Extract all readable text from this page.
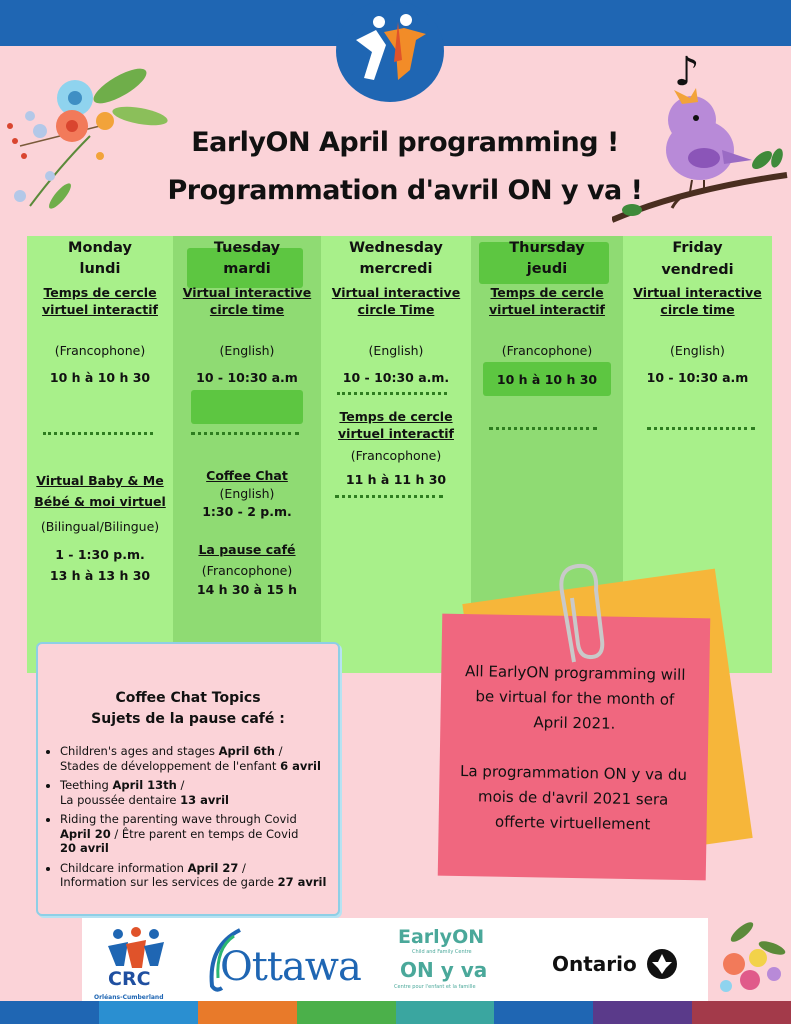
♪
EarlyON April programming !
Programmation d'avril ON y va !
Monday
lundi
Temps de cercle
virtuel interactif
(Francophone)
10 h à 10 h 30
Virtual Baby & Me
Bébé & moi virtuel
(Bilingual/Bilingue)
1 - 1:30 p.m.
13 h à 13 h 30
Tuesday
mardi
Virtual interactive
circle time
(English)
10 - 10:30 a.m
Coffee Chat
(English)
1:30 - 2 p.m.
La pause café
(Francophone)
14 h 30 à 15 h
Wednesday
mercredi
Virtual interactive
circle Time
(English)
10 - 10:30 a.m.
Temps de cercle
virtuel interactif
(Francophone)
11 h à 11 h 30
Thursday
jeudi
Temps de cercle
virtuel interactif
(Francophone)
10 h à 10 h 30
Friday
vendredi
Virtual interactive
circle time
(English)
10 - 10:30 a.m
Coffee Chat Topics
Sujets de la pause café :
• Children's ages and stages April 6th /
Stades de développement de l'enfant 6 avril
• Teething April 13th /
La poussée dentaire 13 avril
• Riding the parenting wave through Covid
April 20 / Être parent en temps de Covid
20 avril
• Childcare information April 27 /
Information sur les services de garde 27 avril
All EarlyON programming will
be virtual for the month of
April 2021.
La programmation ON y va du
mois de d'avril 2021 sera
offerte virtuellement
CRC
Orléans-Cumberland
Ottawa
EarlyON
Child and Family Centre
ON y va
Centre pour l'enfant et la famille
Ontario
